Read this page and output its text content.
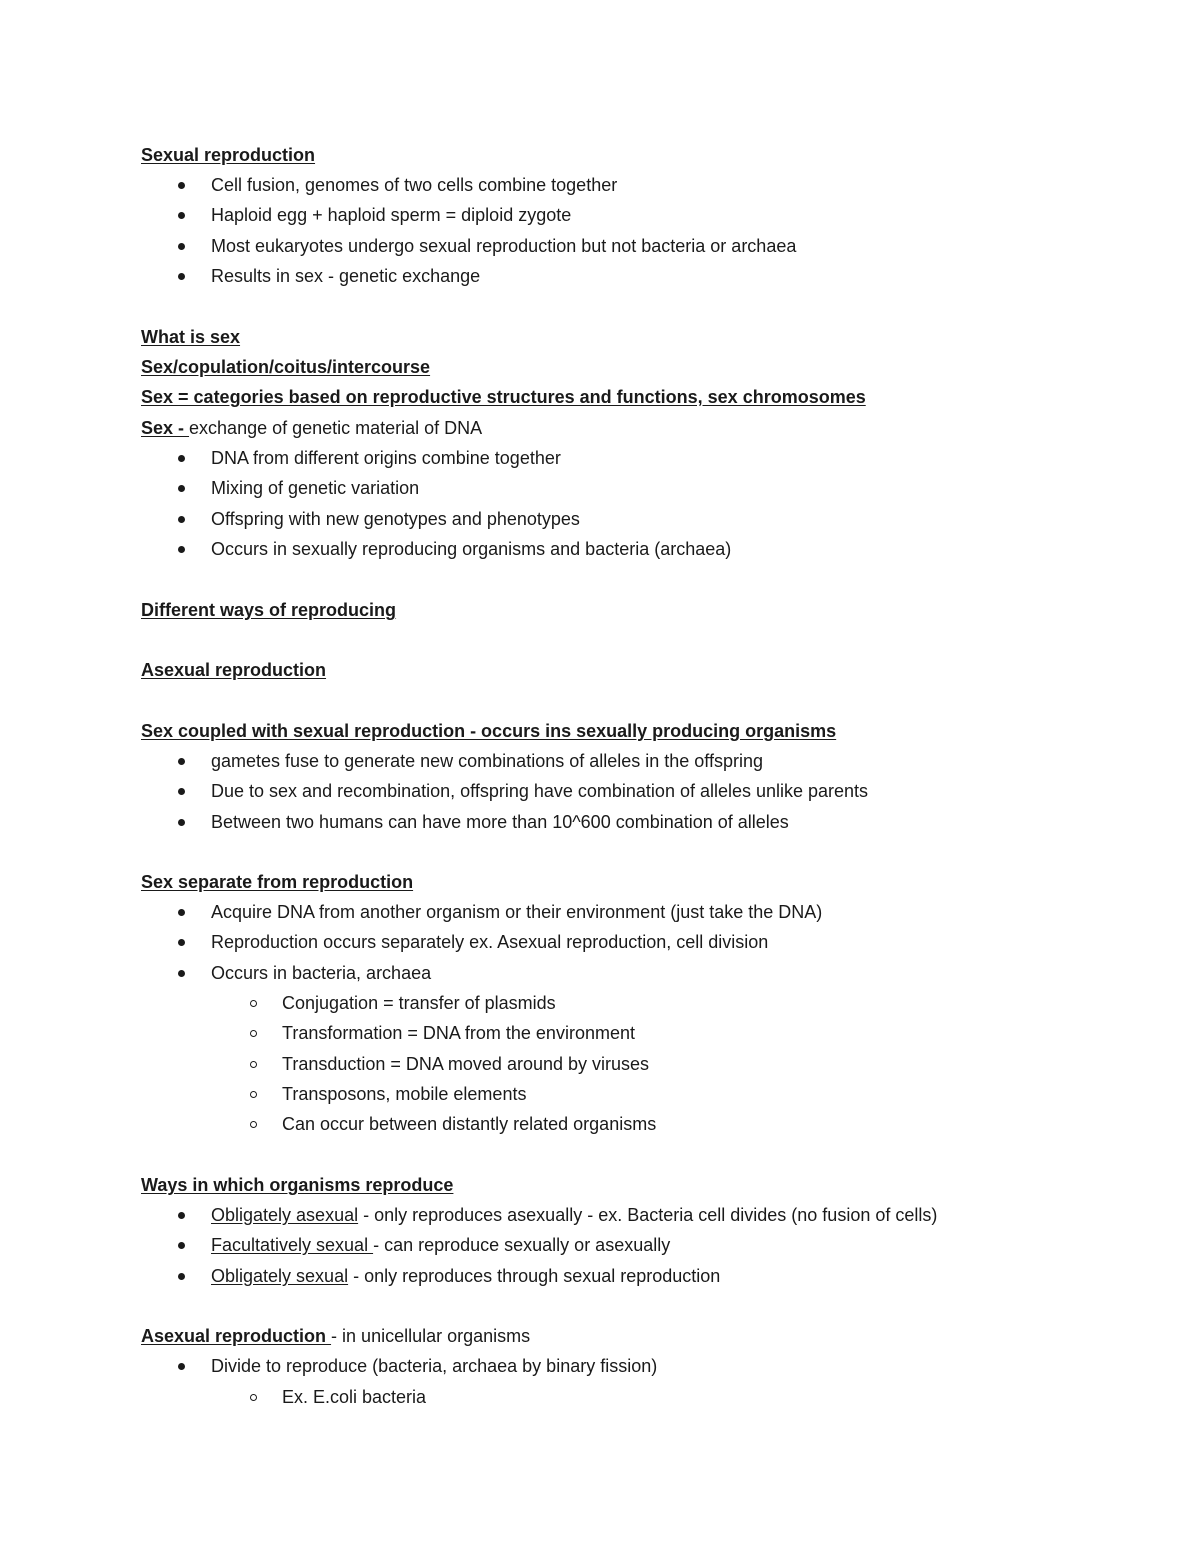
Sexual reproduction
Cell fusion, genomes of two cells combine together
Haploid egg + haploid sperm = diploid zygote
Most eukaryotes undergo sexual reproduction but not bacteria or archaea
Results in sex - genetic exchange
What is sex
Sex/copulation/coitus/intercourse
Sex = categories based on reproductive structures and functions, sex chromosomes
Sex - exchange of genetic material of DNA
DNA from different origins combine together
Mixing of genetic variation
Offspring with new genotypes and phenotypes
Occurs in sexually reproducing organisms and bacteria (archaea)
Different ways of reproducing
Asexual reproduction
Sex coupled with sexual reproduction - occurs ins sexually producing organisms
gametes fuse to generate new combinations of alleles in the offspring
Due to sex and recombination, offspring have combination of alleles unlike parents
Between two humans can have more than 10^600 combination of alleles
Sex separate from reproduction
Acquire DNA from another organism or their environment (just take the DNA)
Reproduction occurs separately ex. Asexual reproduction, cell division
Occurs in bacteria, archaea
Conjugation = transfer of plasmids
Transformation = DNA from the environment
Transduction = DNA moved around by viruses
Transposons, mobile elements
Can occur between distantly related organisms
Ways in which organisms reproduce
Obligately asexual - only reproduces asexually - ex. Bacteria cell divides (no fusion of cells)
Facultatively sexual - can reproduce sexually or asexually
Obligately sexual - only reproduces through sexual reproduction
Asexual reproduction - in unicellular organisms
Divide to reproduce (bacteria, archaea by binary fission)
Ex. E.coli bacteria
